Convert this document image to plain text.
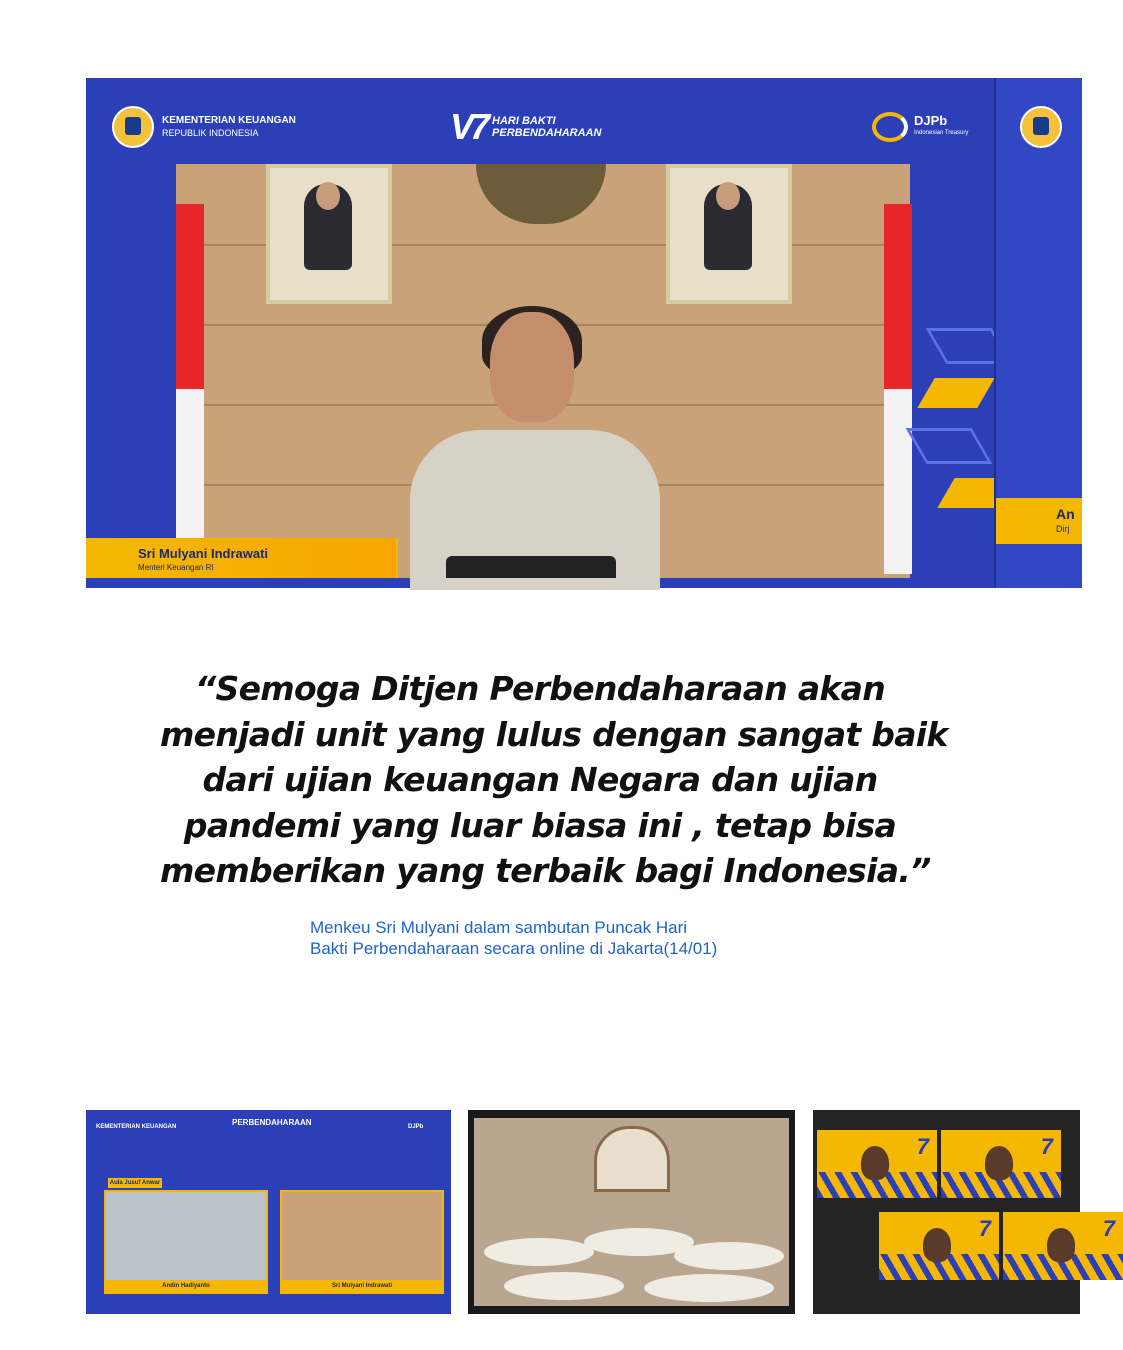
KEMENTERIAN KEUANGAN
REPUBLIK INDONESIA	V7 HARI BAKTI
PERBENDAHARAAN
DJPb
Indonesian Treasury
Sri Mulyani Indrawati
Menteri Keuangan RI
An
Dirj
“Semoga Ditjen Perbendaharaan akan
menjadi unit yang lulus dengan sangat baik
dari ujian keuangan Negara dan ujian
pandemi yang luar biasa ini , tetap bisa
memberikan yang terbaik bagi Indonesia.”
Menkeu Sri Mulyani dalam sambutan Puncak Hari
Bakti Perbendaharaan secara online di Jakarta(14/01)
KEMENTERIAN KEUANGAN	PERBENDAHARAAN	DJPb
Aula Jusuf Anwar
Andin Hadiyanto	Sri Mulyani Indrawati
7	7
7	7
